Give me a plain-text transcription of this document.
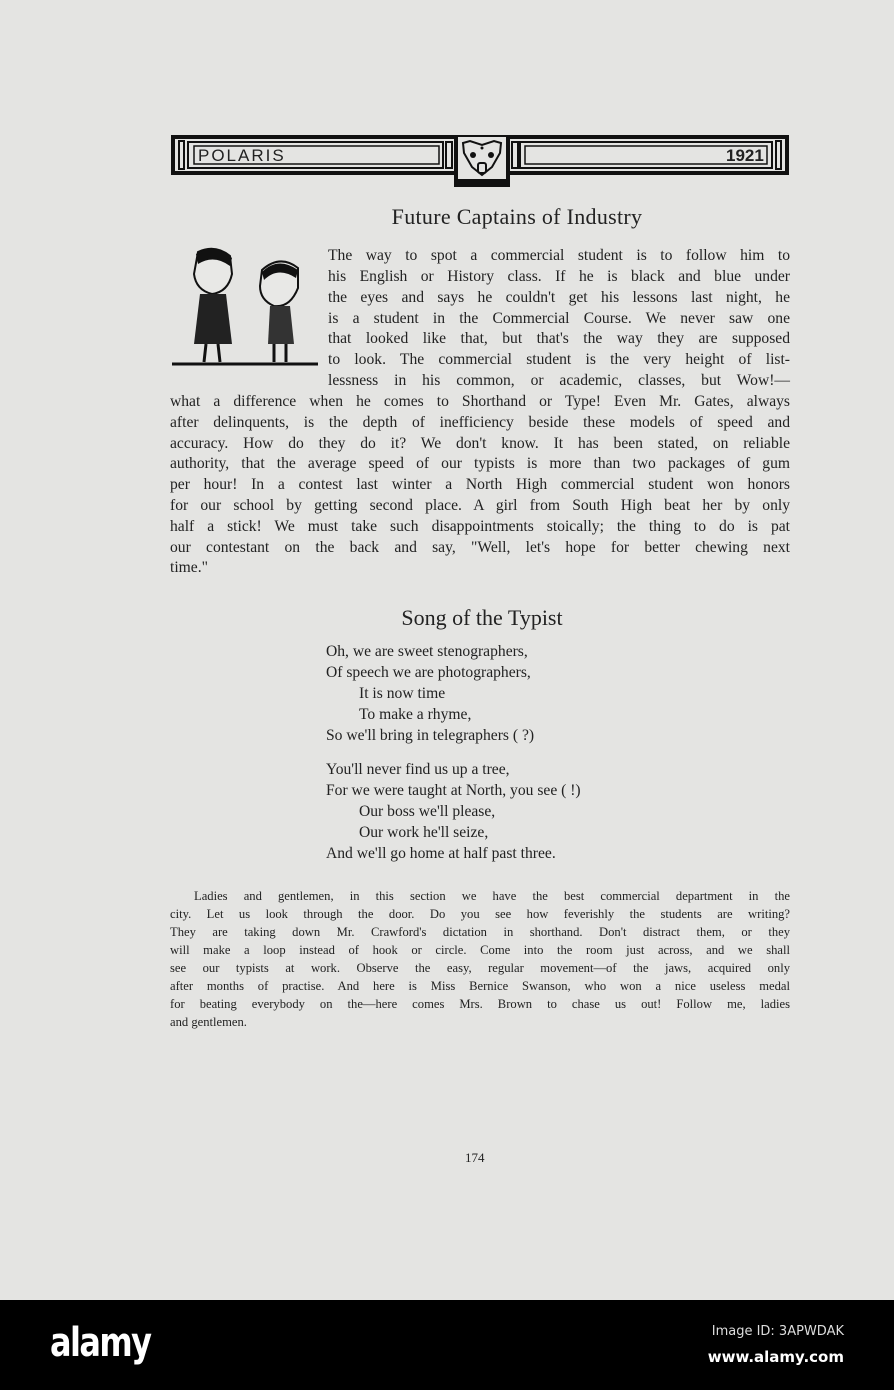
POLARIS	1921
Future Captains of Industry
The way to spot a commercial student is to follow him to
his English or History class. If he is black and blue under
the eyes and says he couldn't get his lessons last night, he
is a student in the Commercial Course. We never saw one
that looked like that, but that's the way they are supposed
to look. The commercial student is the very height of list-
lessness in his common, or academic, classes, but Wow!—
what a difference when he comes to Shorthand or Type! Even Mr. Gates, always
after delinquents, is the depth of inefficiency beside these models of speed and
accuracy. How do they do it? We don't know. It has been stated, on reliable
authority, that the average speed of our typists is more than two packages of gum
per hour! In a contest last winter a North High commercial student won honors
for our school by getting second place. A girl from South High beat her by only
half a stick! We must take such disappointments stoically; the thing to do is pat
our contestant on the back and say, "Well, let's hope for better chewing next
time."
Song of the Typist
Oh, we are sweet stenographers,
Of speech we are photographers,
It is now time
To make a rhyme,
So we'll bring in telegraphers ( ?)
You'll never find us up a tree,
For we were taught at North, you see ( !)
Our boss we'll please,
Our work he'll seize,
And we'll go home at half past three.
Ladies and gentlemen, in this section we have the best commercial department in the
city. Let us look through the door. Do you see how feverishly the students are writing?
They are taking down Mr. Crawford's dictation in shorthand. Don't distract them, or they
will make a loop instead of hook or circle. Come into the room just across, and we shall
see our typists at work. Observe the easy, regular movement—of the jaws, acquired only
after months of practise. And here is Miss Bernice Swanson, who won a nice useless medal
for beating everybody on the—here comes Mrs. Brown to chase us out! Follow me, ladies
and gentlemen.
174
alamy	Image ID: 3APWDAK
www.alamy.com
